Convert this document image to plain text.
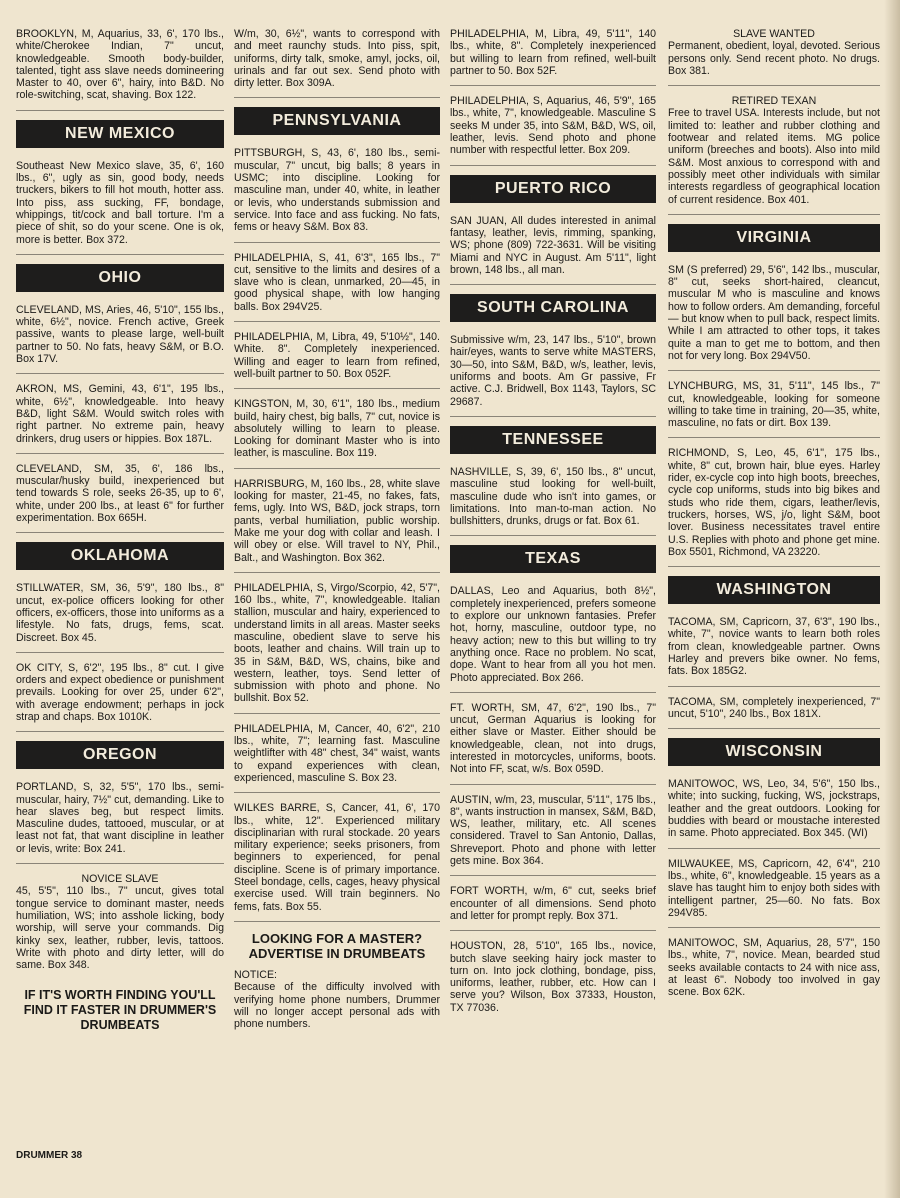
BROOKLYN, M, Aquarius, 33, 6', 170 lbs., white/Cherokee Indian, 7" uncut, knowledgeable. Smooth body-builder, talented, tight ass slave needs domineering Master to 40, over 6", hairy, into B&D. No role-switching, scat, shaving. Box 122.
NEW MEXICO
Southeast New Mexico slave, 35, 6', 160 lbs., 6", ugly as sin, good body, needs truckers, bikers to fill hot mouth, hotter ass. Into piss, ass sucking, FF, bondage, whippings, tit/cock and ball torture. I'm a piece of shit, so do your scene. One is ok, more is better. Box 372.
OHIO
CLEVELAND, MS, Aries, 46, 5'10", 155 lbs., white, 6½", novice. French active, Greek passive, wants to please large, well-built partner to 50. No fats, heavy S&M, or B.O. Box 17V.
AKRON, MS, Gemini, 43, 6'1", 195 lbs., white, 6½", knowledgeable. Into heavy B&D, light S&M. Would switch roles with right partner. No extreme pain, heavy drinkers, drug users or hippies. Box 187L.
CLEVELAND, SM, 35, 6', 186 lbs., muscular/husky build, inexperienced but tend towards S role, seeks 26-35, up to 6', white, under 200 lbs., at least 6" for further experimentation. Box 665H.
OKLAHOMA
STILLWATER, SM, 36, 5'9", 180 lbs., 8" uncut, ex-police officers looking for other officers, ex-officers, those into uniforms as a lifestyle. No fats, drugs, fems, scat. Discreet. Box 45.
OK CITY, S, 6'2", 195 lbs., 8" cut. I give orders and expect obedience or punishment prevails. Looking for over 25, under 6'2", with average endowment; perhaps in jock strap and chaps. Box 1010K.
OREGON
PORTLAND, S, 32, 5'5", 170 lbs., semi-muscular, hairy, 7½" cut, demanding. Like to hear slaves beg, but respect limits. Masculine dudes, tattooed, muscular, or at least not fat, that want discipline in leather or levis, write: Box 241.
NOVICE SLAVE
45, 5'5", 110 lbs., 7" uncut, gives total tongue service to dominant master, needs humiliation, WS; into asshole licking, body worship, will serve your commands. Dig kinky sex, leather, rubber, levis, tattoos. Write with photo and dirty letter, will do same. Box 348.
IF IT'S WORTH FINDING YOU'LL FIND IT FASTER IN DRUMMER'S DRUMBEATS
W/m, 30, 6½", wants to correspond with and meet raunchy studs. Into piss, spit, uniforms, dirty talk, smoke, amyl, jocks, oil, urinals and far out sex. Send photo with dirty letter. Box 309A.
PENNSYLVANIA
PITTSBURGH, S, 43, 6', 180 lbs., semi-muscular, 7" uncut, big balls; 8 years in USMC; into discipline. Looking for masculine man, under 40, white, in leather or levis, who understands submission and service. Into face and ass fucking. No fats, fems or heavy S&M. Box 83.
PHILADELPHIA, S, 41, 6'3", 165 lbs., 7" cut, sensitive to the limits and desires of a slave who is clean, unmarked, 20—45, in good physical shape, with low hanging balls. Box 294V25.
PHILADELPHIA, M, Libra, 49, 5'10½", 140. White. 8". Completely inexperienced. Willing and eager to learn from refined, well-built partner to 50. Box 052F.
KINGSTON, M, 30, 6'1", 180 lbs., medium build, hairy chest, big balls, 7" cut, novice is absolutely willing to learn to please. Looking for dominant Master who is into leather, is masculine. Box 119.
HARRISBURG, M, 160 lbs., 28, white slave looking for master, 21-45, no fakes, fats, fems, ugly. Into WS, B&D, jock straps, torn pants, verbal humiliation, public worship. Make me your dog with collar and leash. I will obey or else. Will travel to NY, Phil., Balt., and Washington. Box 362.
PHILADELPHIA, S, Virgo/Scorpio, 42, 5'7", 160 lbs., white, 7", knowledgeable. Italian stallion, muscular and hairy, experienced to understand limits in all areas. Master seeks masculine, obedient slave to serve his boots, leather and chains. Will train up to 35 in S&M, B&D, WS, chains, bike and western, leather, toys. Send letter of submission with photo and phone. No bullshit. Box 52.
PHILADELPHIA, M, Cancer, 40, 6'2", 210 lbs., white, 7"; learning fast. Masculine weightlifter with 48" chest, 34" waist, wants to expand experiences with clean, experienced, masculine S. Box 23.
WILKES BARRE, S, Cancer, 41, 6', 170 lbs., white, 12". Experienced military disciplinarian with rural stockade. 20 years military experience; seeks prisoners, from beginners to experienced, for penal discipline. Scene is of primary importance. Steel bondage, cells, cages, heavy physical exercise used. Will train beginners. No fems, fats. Box 55.
LOOKING FOR A MASTER? ADVERTISE IN DRUMBEATS
NOTICE:
Because of the difficulty involved with verifying home phone numbers, Drummer will no longer accept personal ads with phone numbers.
PHILADELPHIA, M, Libra, 49, 5'11", 140 lbs., white, 8". Completely inexperienced but willing to learn from refined, well-built partner to 50. Box 52F.
PHILADELPHIA, S, Aquarius, 46, 5'9", 165 lbs., white, 7", knowledgeable. Masculine S seeks M under 35, into S&M, B&D, WS, oil, leather, levis. Send photo and phone number with respectful letter. Box 209.
PUERTO RICO
SAN JUAN, All dudes interested in animal fantasy, leather, levis, rimming, spanking, WS; phone (809) 722-3631. Will be visiting Miami and NYC in August. Am 5'11", light brown, 148 lbs., all man.
SOUTH CAROLINA
Submissive w/m, 23, 147 lbs., 5'10", brown hair/eyes, wants to serve white MASTERS, 30—50, into S&M, B&D, w/s, leather, levis, uniforms and boots. Am Gr passive, Fr active. C.J. Bridwell, Box 1143, Taylors, SC 29687.
TENNESSEE
NASHVILLE, S, 39, 6', 150 lbs., 8" uncut, masculine stud looking for well-built, masculine dude who isn't into games, or limitations. Into man-to-man action. No bullshitters, drunks, drugs or fat. Box 61.
TEXAS
DALLAS, Leo and Aquarius, both 8½", completely inexperienced, prefers someone to explore our unknown fantasies. Prefer hot, horny, masculine, outdoor type, no heavy action; new to this but willing to try anything once. Race no problem. No scat, dope. Want to hear from all you hot men. Photo appreciated. Box 266.
FT. WORTH, SM, 47, 6'2", 190 lbs., 7" uncut, German Aquarius is looking for either slave or Master. Either should be knowledgeable, clean, not into drugs, interested in motorcycles, uniforms, boots. Not into FF, scat, w/s. Box 059D.
AUSTIN, w/m, 23, muscular, 5'11", 175 lbs., 8", wants instruction in mansex, S&M, B&D, WS, leather, military, etc. All scenes considered. Travel to San Antonio, Dallas, Shreveport. Photo and phone with letter gets mine. Box 364.
FORT WORTH, w/m, 6" cut, seeks brief encounter of all dimensions. Send photo and letter for prompt reply. Box 371.
HOUSTON, 28, 5'10", 165 lbs., novice, butch slave seeking hairy jock master to turn on. Into jock clothing, bondage, piss, uniforms, leather, rubber, etc. How can I serve you? Wilson, Box 37333, Houston, TX 77036.
SLAVE WANTED
Permanent, obedient, loyal, devoted. Serious persons only. Send recent photo. No drugs. Box 381.
RETIRED TEXAN
Free to travel USA. Interests include, but not limited to: leather and rubber clothing and footwear and related items. MG police uniform (breeches and boots). Also into mild S&M. Most anxious to correspond with and possibly meet other individuals with similar interests regardless of geographical location of current residence. Box 401.
VIRGINIA
SM (S preferred) 29, 5'6", 142 lbs., muscular, 8" cut, seeks short-haired, cleancut, muscular M who is masculine and knows how to follow orders. Am demanding, forceful — but know when to pull back, respect limits. While I am attracted to other tops, it takes quite a man to get me to bottom, and then not for very long. Box 294V50.
LYNCHBURG, MS, 31, 5'11", 145 lbs., 7" cut, knowledgeable, looking for someone willing to take time in training, 20—35, white, masculine, no fats or dirt. Box 139.
RICHMOND, S, Leo, 45, 6'1", 175 lbs., white, 8" cut, brown hair, blue eyes. Harley rider, ex-cycle cop into high boots, breeches, cycle cop uniforms, studs into big bikes and studs who ride them, cigars, leather/levis, truckers, horses, WS, j/o, light S&M, boot lover. Business necessitates travel entire U.S. Replies with photo and phone get mine. Box 5501, Richmond, VA 23220.
WASHINGTON
TACOMA, SM, Capricorn, 37, 6'3", 190 lbs., white, 7", novice wants to learn both roles from clean, knowledgeable partner. Owns Harley and prevers bike owner. No fems, fats. Box 185G2.
TACOMA, SM, completely inexperienced, 7" uncut, 5'10", 240 lbs., Box 181X.
WISCONSIN
MANITOWOC, WS, Leo, 34, 5'6", 150 lbs., white; into sucking, fucking, WS, jockstraps, leather and the great outdoors. Looking for buddies with beard or moustache interested in same. Photo appreciated. Box 345. (WI)
MILWAUKEE, MS, Capricorn, 42, 6'4", 210 lbs., white, 6", knowledgeable. 15 years as a slave has taught him to enjoy both sides with intelligent partner, 25—60. No fats. Box 294V85.
MANITOWOC, SM, Aquarius, 28, 5'7", 150 lbs., white, 7", novice. Mean, bearded stud seeks available contacts to 24 with nice ass, at least 6". Nobody too involved in gay scene. Box 62K.
DRUMMER 38
